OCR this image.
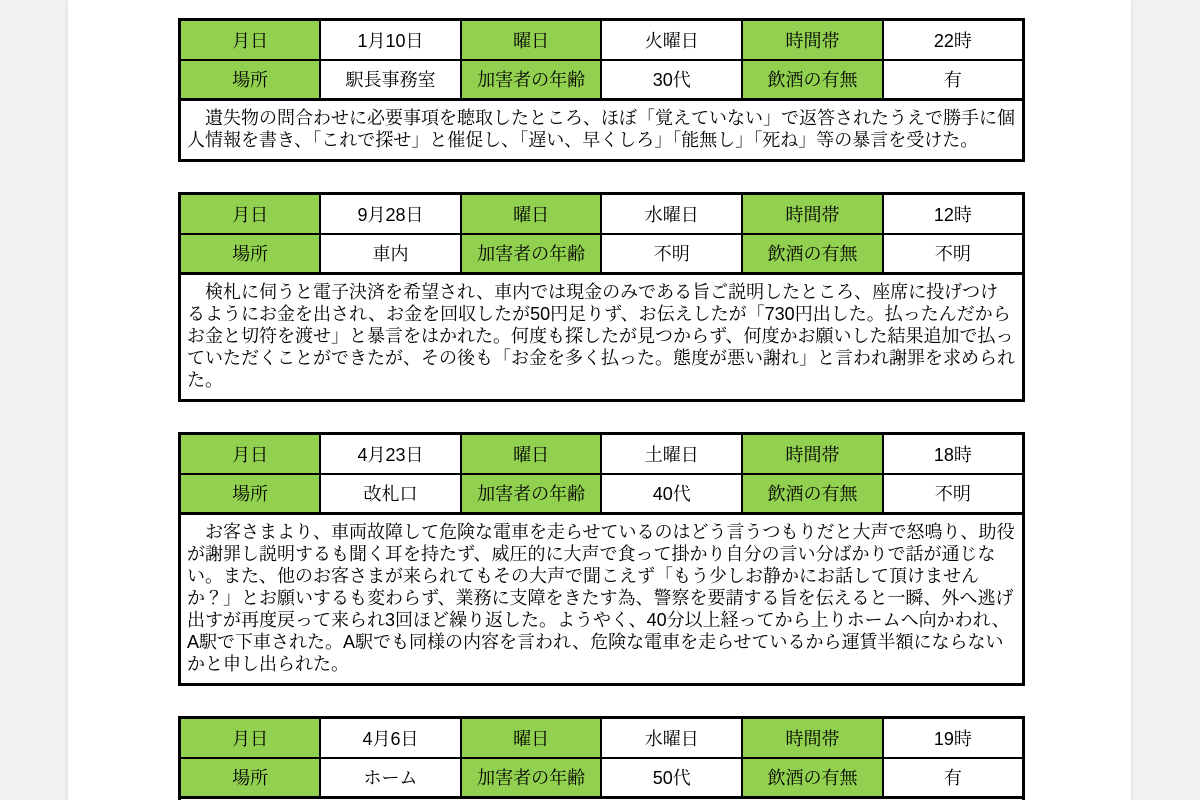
月日	1月10日	曜日	火曜日	時間帯	22時
場所	駅長事務室	加害者の年齢	30代	飲酒の有無	有
遺失物の問合わせに必要事項を聴取したところ、ほぼ「覚えていない」で返答されたうえで勝手に個人情報を書き、「これで探せ」と催促し、「遅い、早くしろ」「能無し」「死ね」等の暴言を受けた。
月日	9月28日	曜日	水曜日	時間帯	12時
場所	車内	加害者の年齢	不明	飲酒の有無	不明
検札に伺うと電子決済を希望され、車内では現金のみである旨ご説明したところ、座席に投げつけるようにお金を出され、お金を回収したが50円足りず、お伝えしたが「730円出した。払ったんだからお金と切符を渡せ」と暴言をはかれた。何度も探したが見つからず、何度かお願いした結果追加で払っていただくことができたが、その後も「お金を多く払った。態度が悪い謝れ」と言われ謝罪を求められた。
月日	4月23日	曜日	土曜日	時間帯	18時
場所	改札口	加害者の年齢	40代	飲酒の有無	不明
お客さまより、車両故障して危険な電車を走らせているのはどう言うつもりだと大声で怒鳴り、助役が謝罪し説明するも聞く耳を持たず、威圧的に大声で食って掛かり自分の言い分ばかりで話が通じない。また、他のお客さまが来られてもその大声で聞こえず「もう少しお静かにお話して頂けませんか？」とお願いするも変わらず、業務に支障をきたす為、警察を要請する旨を伝えると一瞬、外へ逃げ出すが再度戻って来られ3回ほど繰り返した。ようやく、40分以上経ってから上りホームへ向かわれ、A駅で下車された。A駅でも同様の内容を言われ、危険な電車を走らせているから運賃半額にならないかと申し出られた。
月日	4月6日	曜日	水曜日	時間帯	19時
場所	ホーム	加害者の年齢	50代	飲酒の有無	有
